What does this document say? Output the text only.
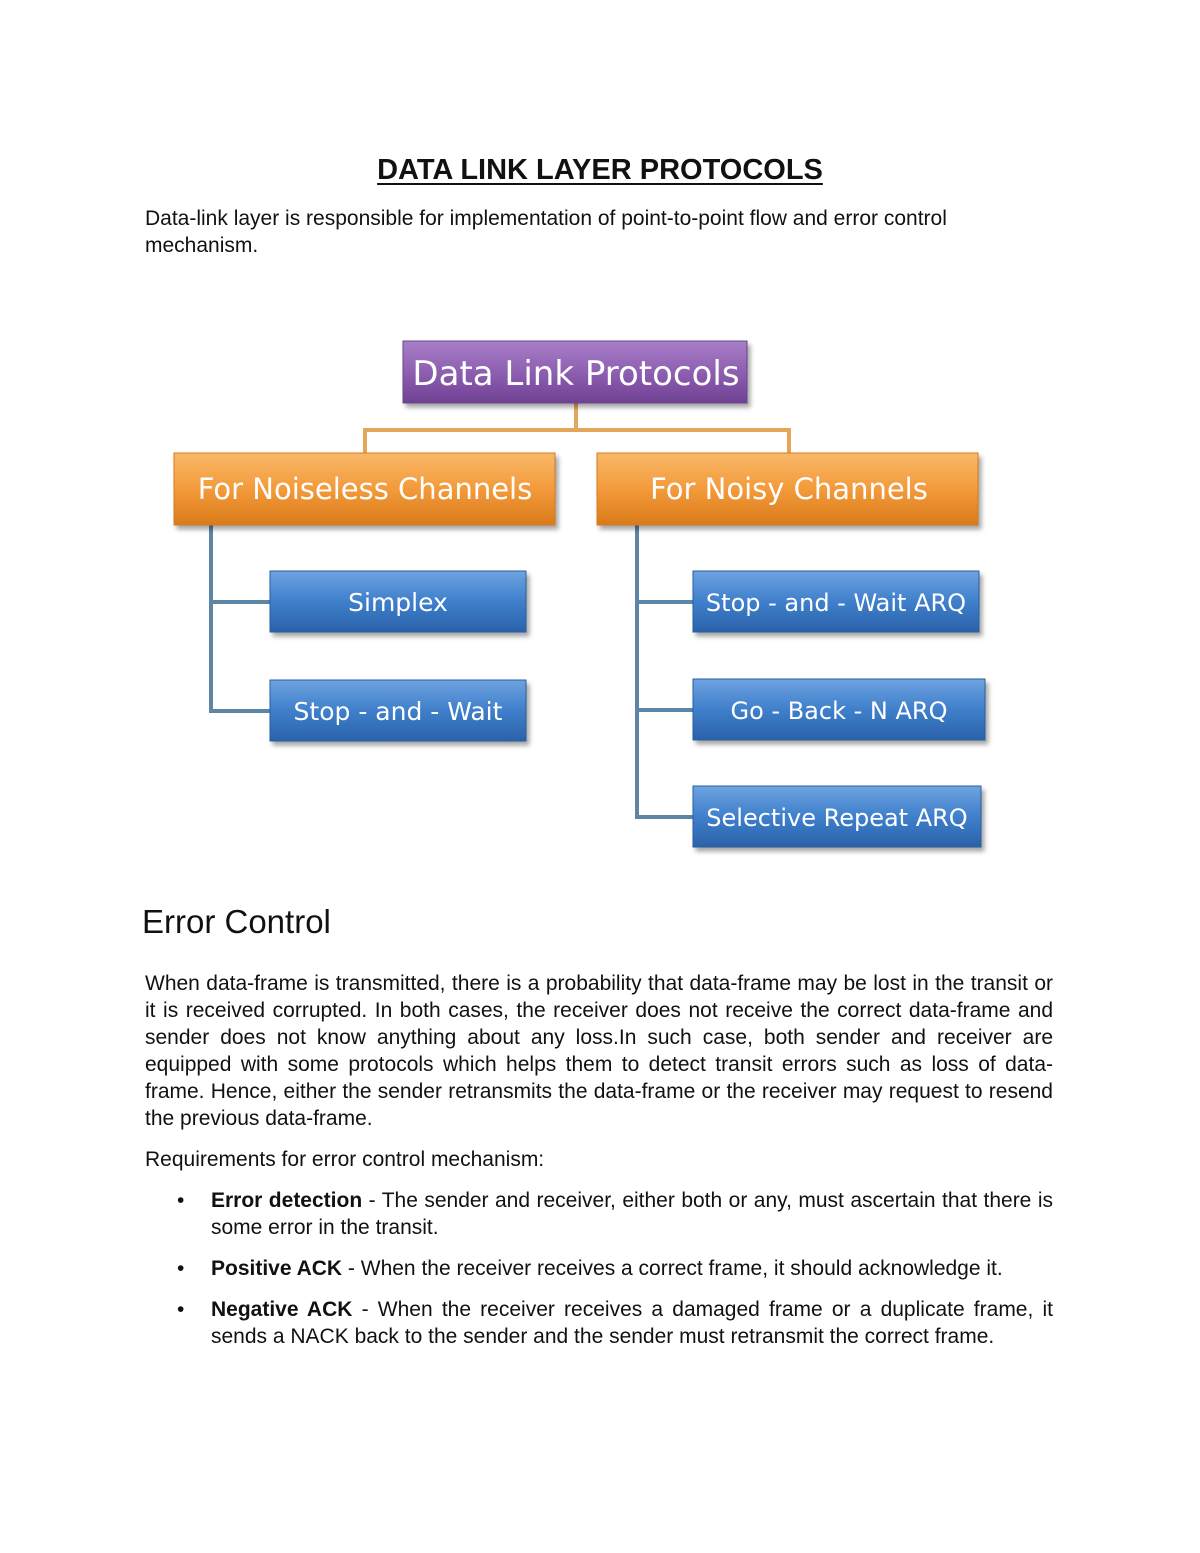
DATA LINK LAYER PROTOCOLS
Data-link layer is responsible for implementation of point-to-point flow and error control mechanism.
Data Link Protocols
For Noiseless Channels	For Noisy Channels
Simplex
Stop - and - Wait
Stop - and - Wait ARQ
Go - Back - N ARQ
Selective Repeat ARQ
Error Control
When data-frame is transmitted, there is a probability that data-frame may be lost in the transit or it is received corrupted. In both cases, the receiver does not receive the correct data-frame and sender does not know anything about any loss.In such case, both sender and receiver are equipped with some protocols which helps them to detect transit errors such as loss of data-frame. Hence, either the sender retransmits the data-frame or the receiver may request to resend the previous data-frame.
Requirements for error control mechanism:
• Error detection - The sender and receiver, either both or any, must ascertain that there is some error in the transit.
• Positive ACK - When the receiver receives a correct frame, it should acknowledge it.
• Negative ACK - When the receiver receives a damaged frame or a duplicate frame, it sends a NACK back to the sender and the sender must retransmit the correct frame.
